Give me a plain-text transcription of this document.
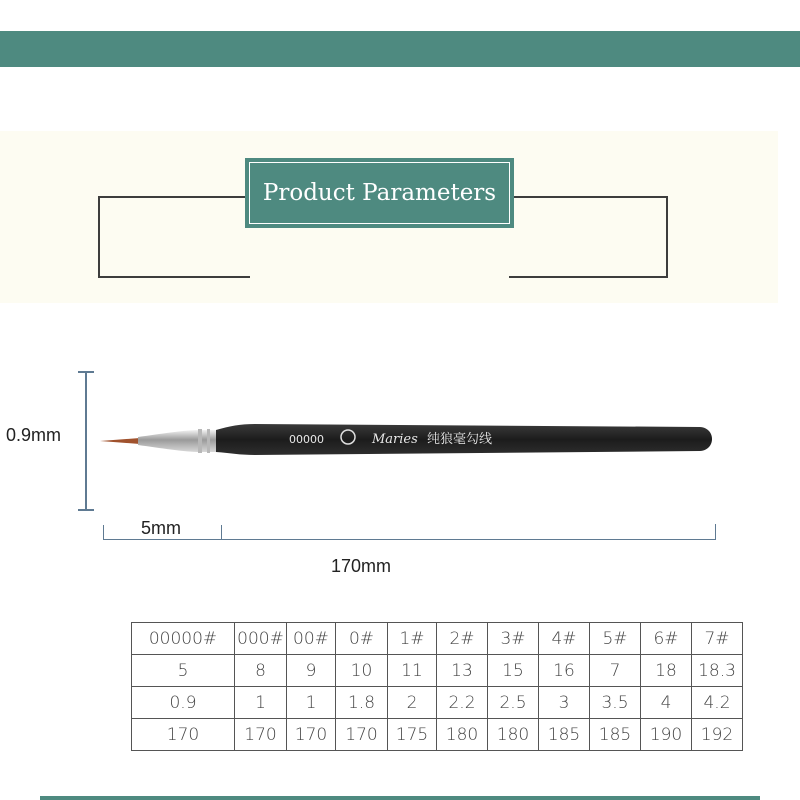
Product Parameters
0.9mm
5mm
170mm
00000	Maries 纯狼毫勾线
00000#	000#	00#	0#	1#	2#	3#	4#	5#	6#	7#
5	8	9	10	11	13	15	16	7	18	18.3
0.9	1	1	1.8	2	2.2	2.5	3	3.5	4	4.2
170	170	170	170	175	180	180	185	185	190	192
